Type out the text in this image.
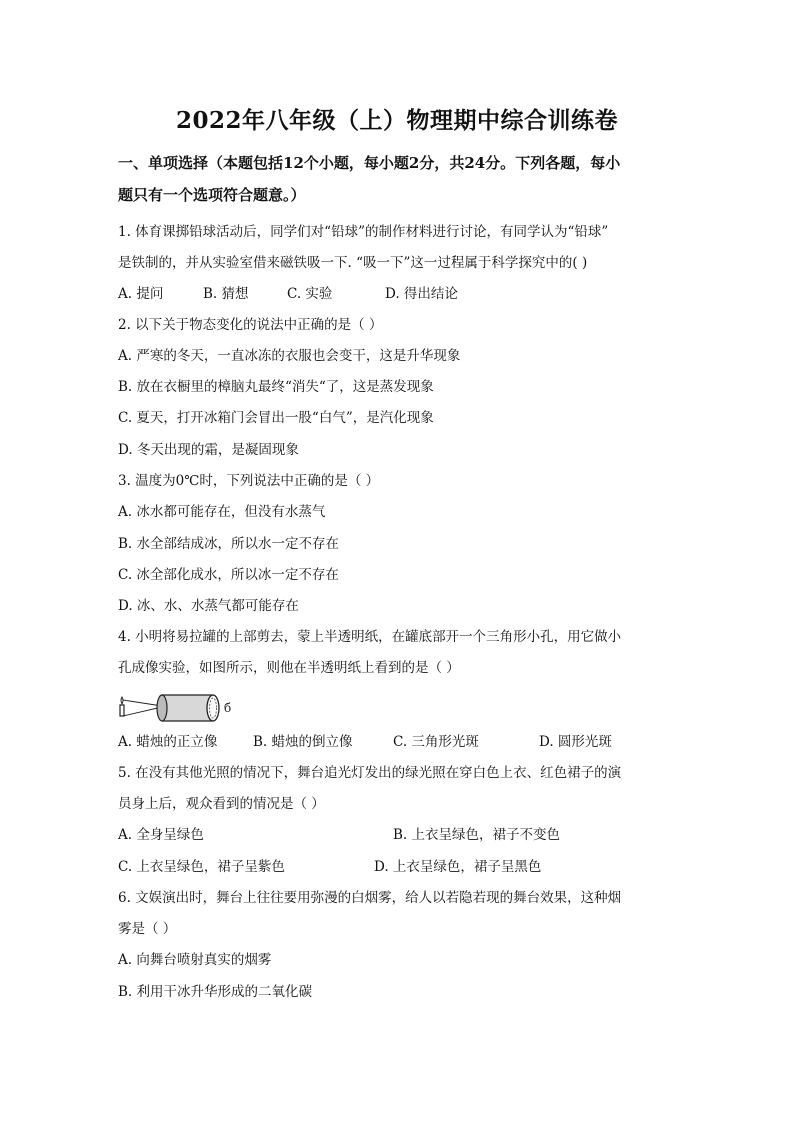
2022年八年级（上）物理期中综合训练卷
一、单项选择（本题包括12个小题，每小题2分，共24分。下列各题，每小
题只有一个选项符合题意。）
1. 体育课掷铅球活动后，同学们对“铅球”的制作材料进行讨论，有同学认为“铅球”
是铁制的，并从实验室借来磁铁吸一下. “吸一下”这一过程属于科学探究中的( )
A. 提问	B. 猜想	C. 实验	D. 得出结论
2. 以下关于物态变化的说法中正确的是（ ）
A. 严寒的冬天，一直冰冻的衣服也会变干，这是升华现象
B. 放在衣橱里的樟脑丸最终“消失“了，这是蒸发现象
C. 夏天，打开冰箱门会冒出一股“白气”，是汽化现象
D. 冬天出现的霜，是凝固现象
3. 温度为0℃时，下列说法中正确的是（ ）
A. 冰水都可能存在，但没有水蒸气
B. 水全部结成冰，所以水一定不存在
C. 冰全部化成水，所以冰一定不存在
D. 冰、水、水蒸气都可能存在
4. 小明将易拉罐的上部剪去，蒙上半透明纸，在罐底部开一个三角形小孔，用它做小
孔成像实验，如图所示，则他在半透明纸上看到的是（ ）
б
A. 蜡烛的正立像	B. 蜡烛的倒立像	C. 三角形光斑	D. 圆形光斑
5. 在没有其他光照的情况下，舞台追光灯发出的绿光照在穿白色上衣、红色裙子的演
员身上后，观众看到的情况是（ ）
A. 全身呈绿色	B. 上衣呈绿色，裙子不变色
C. 上衣呈绿色，裙子呈紫色	D. 上衣呈绿色，裙子呈黑色
6. 文娱演出时，舞台上往往要用弥漫的白烟雾，给人以若隐若现的舞台效果，这种烟
雾是（ ）
A. 向舞台喷射真实的烟雾
B. 利用干冰升华形成的二氧化碳
